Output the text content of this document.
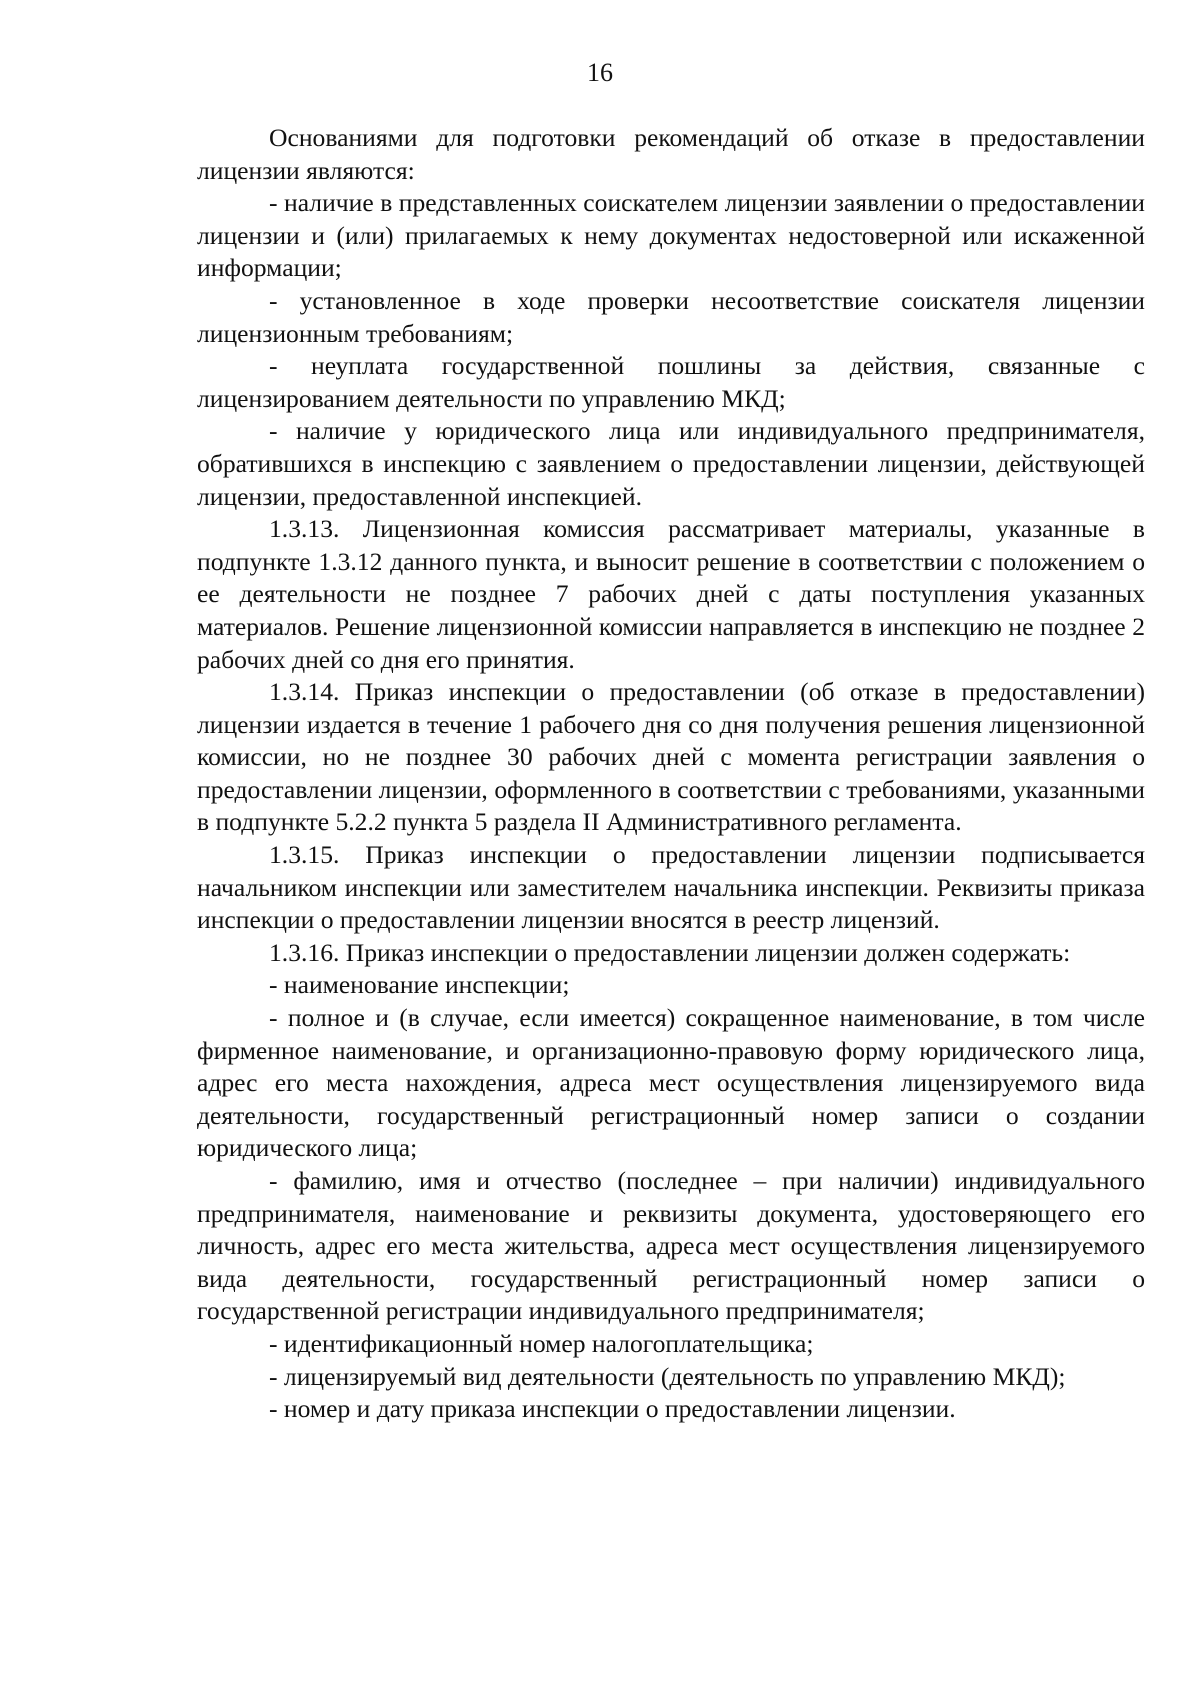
16

Основаниями для подготовки рекомендаций об отказе в предоставлении лицензии являются:

- наличие в представленных соискателем лицензии заявлении о предоставлении лицензии и (или) прилагаемых к нему документах недостоверной или искаженной информации;

- установленное в ходе проверки несоответствие соискателя лицензии лицензионным требованиям;

- неуплата государственной пошлины за действия, связанные с лицензированием деятельности по управлению МКД;

- наличие у юридического лица или индивидуального предпринимателя, обратившихся в инспекцию с заявлением о предоставлении лицензии, действующей лицензии, предоставленной инспекцией.

1.3.13. Лицензионная комиссия рассматривает материалы, указанные в подпункте 1.3.12 данного пункта, и выносит решение в соответствии с положением о ее деятельности не позднее 7 рабочих дней с даты поступления указанных материалов. Решение лицензионной комиссии направляется в инспекцию не позднее 2 рабочих дней со дня его принятия.

1.3.14. Приказ инспекции о предоставлении (об отказе в предоставлении) лицензии издается в течение 1 рабочего дня со дня получения решения лицензионной комиссии, но не позднее 30 рабочих дней с момента регистрации заявления о предоставлении лицензии, оформленного в соответствии с требованиями, указанными в подпункте 5.2.2 пункта 5 раздела II Административного регламента.

1.3.15. Приказ инспекции о предоставлении лицензии подписывается начальником инспекции или заместителем начальника инспекции. Реквизиты приказа инспекции о предоставлении лицензии вносятся в реестр лицензий.

1.3.16. Приказ инспекции о предоставлении лицензии должен содержать:

- наименование инспекции;

- полное и (в случае, если имеется) сокращенное наименование, в том числе фирменное наименование, и организационно-правовую форму юридического лица, адрес его места нахождения, адреса мест осуществления лицензируемого вида деятельности, государственный регистрационный номер записи о создании юридического лица;

- фамилию, имя и отчество (последнее – при наличии) индивидуального предпринимателя, наименование и реквизиты документа, удостоверяющего его личность, адрес его места жительства, адреса мест осуществления лицензируемого вида деятельности, государственный регистрационный номер записи о государственной регистрации индивидуального предпринимателя;

- идентификационный номер налогоплательщика;

- лицензируемый вид деятельности (деятельность по управлению МКД);

- номер и дату приказа инспекции о предоставлении лицензии.
